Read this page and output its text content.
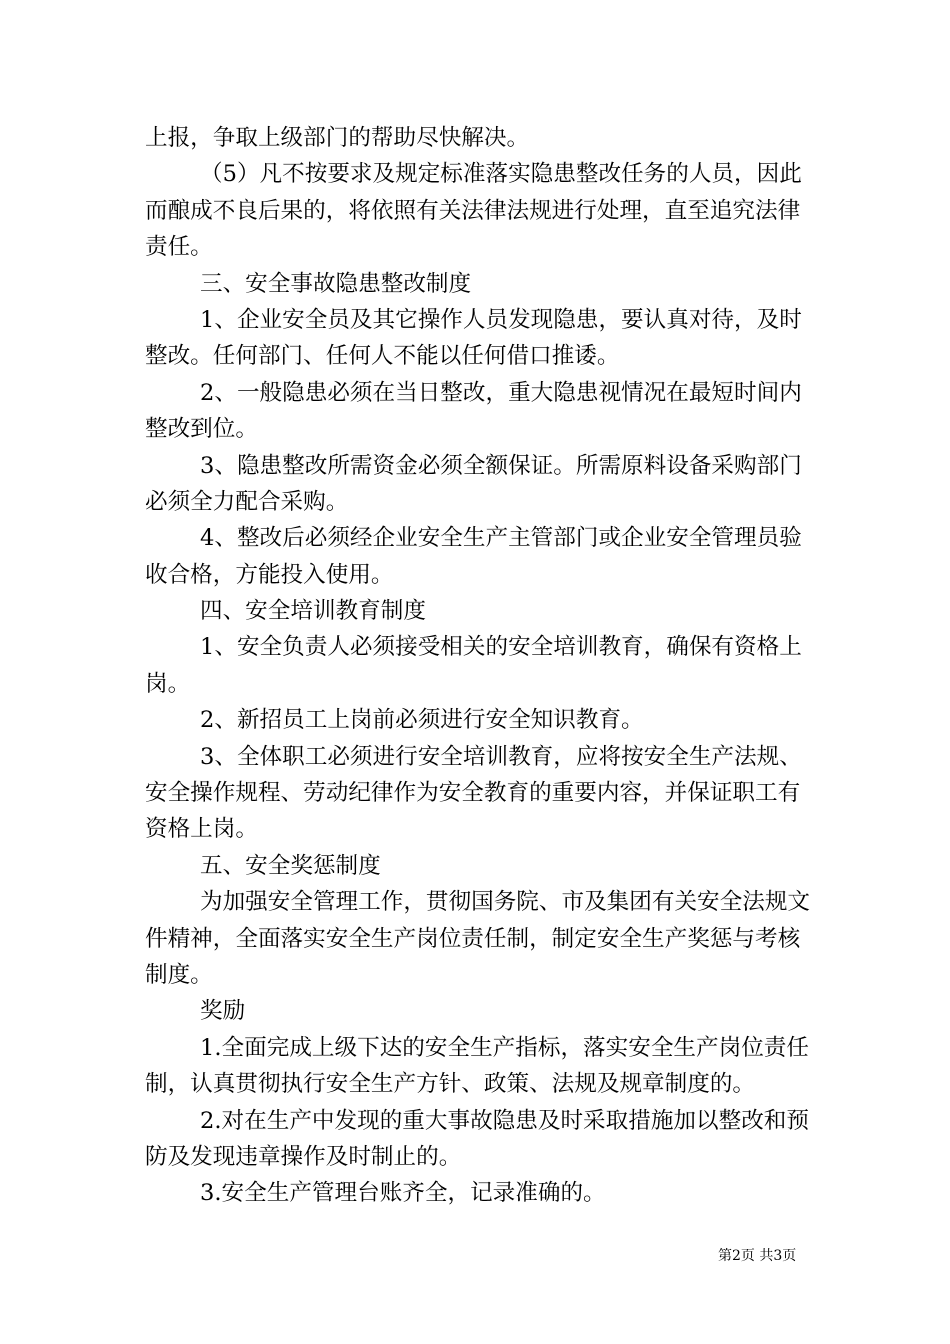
上报，争取上级部门的帮助尽快解决。
（5）凡不按要求及规定标准落实隐患整改任务的人员，因此
而酿成不良后果的，将依照有关法律法规进行处理，直至追究法律
责任。
三、安全事故隐患整改制度
1、企业安全员及其它操作人员发现隐患，要认真对待，及时
整改。任何部门、任何人不能以任何借口推诿。
2、一般隐患必须在当日整改，重大隐患视情况在最短时间内
整改到位。
3、隐患整改所需资金必须全额保证。所需原料设备采购部门
必须全力配合采购。
4、整改后必须经企业安全生产主管部门或企业安全管理员验
收合格，方能投入使用。
四、安全培训教育制度
1、安全负责人必须接受相关的安全培训教育，确保有资格上
岗。
2、新招员工上岗前必须进行安全知识教育。
3、全体职工必须进行安全培训教育，应将按安全生产法规、
安全操作规程、劳动纪律作为安全教育的重要内容，并保证职工有
资格上岗。
五、安全奖惩制度
为加强安全管理工作，贯彻国务院、市及集团有关安全法规文
件精神，全面落实安全生产岗位责任制，制定安全生产奖惩与考核
制度。
奖励
1.全面完成上级下达的安全生产指标，落实安全生产岗位责任
制，认真贯彻执行安全生产方针、政策、法规及规章制度的。
2.对在生产中发现的重大事故隐患及时采取措施加以整改和预
防及发现违章操作及时制止的。
3.安全生产管理台账齐全，记录准确的。
第2页 共3页
